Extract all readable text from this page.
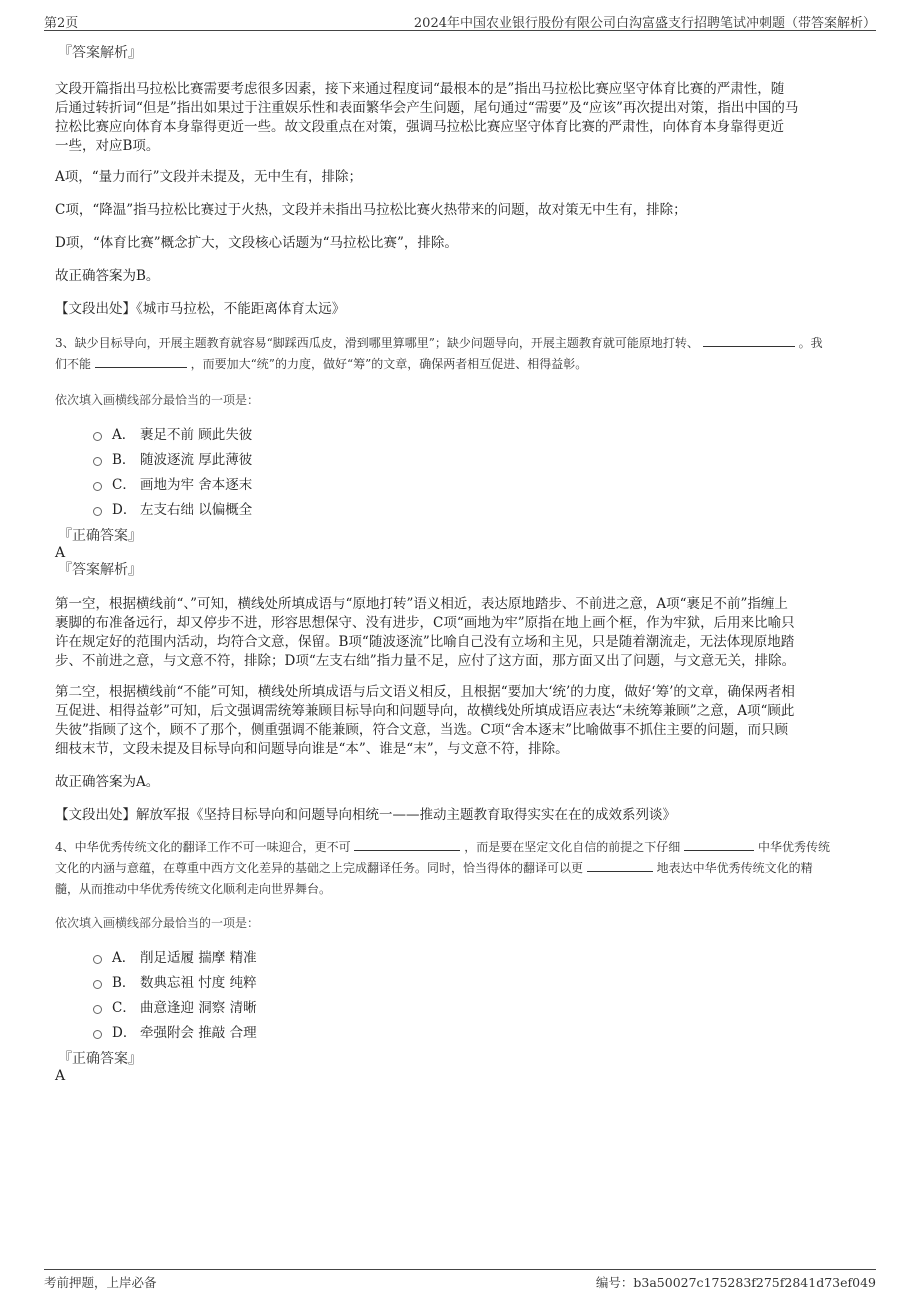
第2页	2024年中国农业银行股份有限公司白沟富盛支行招聘笔试冲刺题（带答案解析）
『答案解析』

文段开篇指出马拉松比赛需要考虑很多因素，接下来通过程度词“最根本的是”指出马拉松比赛应坚守体育比赛的严肃性，随

后通过转折词“但是”指出如果过于注重娱乐性和表面繁华会产生问题，尾句通过“需要”及“应该”再次提出对策，指出中国的马

拉松比赛应向体育本身靠得更近一些。故文段重点在对策，强调马拉松比赛应坚守体育比赛的严肃性，向体育本身靠得更近

一些，对应B项。

A项，“量力而行”文段并未提及，无中生有，排除；

C项，“降温”指马拉松比赛过于火热，文段并未指出马拉松比赛火热带来的问题，故对策无中生有，排除；

D项，“体育比赛”概念扩大，文段核心话题为“马拉松比赛”，排除。

故正确答案为B。

【文段出处】《城市马拉松，不能距离体育太远》

3、缺少目标导向，开展主题教育就容易“脚踩西瓜皮，滑到哪里算哪里”；缺少问题导向，开展主题教育就可能原地打转、	。我

们不能	，而要加大“统”的力度，做好“筹”的文章，确保两者相互促进、相得益彰。

依次填入画横线部分最恰当的一项是：
A． 裹足不前 顾此失彼
B． 随波逐流 厚此薄彼
C． 画地为牢 舍本逐末
D． 左支右绌 以偏概全
『正确答案』
A
『答案解析』

第一空，根据横线前“、”可知，横线处所填成语与“原地打转”语义相近，表达原地踏步、不前进之意，A项“裹足不前”指缠上

裹脚的布准备远行，却又停步不进，形容思想保守、没有进步，C项“画地为牢”原指在地上画个框，作为牢狱，后用来比喻只

许在规定好的范围内活动，均符合文意，保留。B项“随波逐流”比喻自己没有立场和主见，只是随着潮流走，无法体现原地踏

步、不前进之意，与文意不符，排除；D项“左支右绌”指力量不足，应付了这方面，那方面又出了问题，与文意无关，排除。

第二空，根据横线前“不能”可知，横线处所填成语与后文语义相反，且根据“要加大‘统’的力度，做好‘筹’的文章，确保两者相

互促进、相得益彰”可知，后文强调需统筹兼顾目标导向和问题导向，故横线处所填成语应表达“未统筹兼顾”之意，A项“顾此

失彼”指顾了这个，顾不了那个，侧重强调不能兼顾，符合文意，当选。C项“舍本逐末”比喻做事不抓住主要的问题，而只顾

细枝末节，文段未提及目标导向和问题导向谁是“本”、谁是“末”，与文意不符，排除。

故正确答案为A。

【文段出处】解放军报《坚持目标导向和问题导向相统一——推动主题教育取得实实在在的成效系列谈》

4、中华优秀传统文化的翻译工作不可一味迎合，更不可	，而是要在坚定文化自信的前提之下仔细	中华优秀传统

文化的内涵与意蕴，在尊重中西方文化差异的基础之上完成翻译任务。同时，恰当得体的翻译可以更	地表达中华优秀传统文化的精

髓，从而推动中华优秀传统文化顺利走向世界舞台。

依次填入画横线部分最恰当的一项是：
A． 削足适履 揣摩 精准
B． 数典忘祖 忖度 纯粹
C． 曲意逢迎 洞察 清晰
D． 牵强附会 推敲 合理
『正确答案』
A
考前押题，上岸必备	编号：b3a50027c175283f275f2841d73ef049
